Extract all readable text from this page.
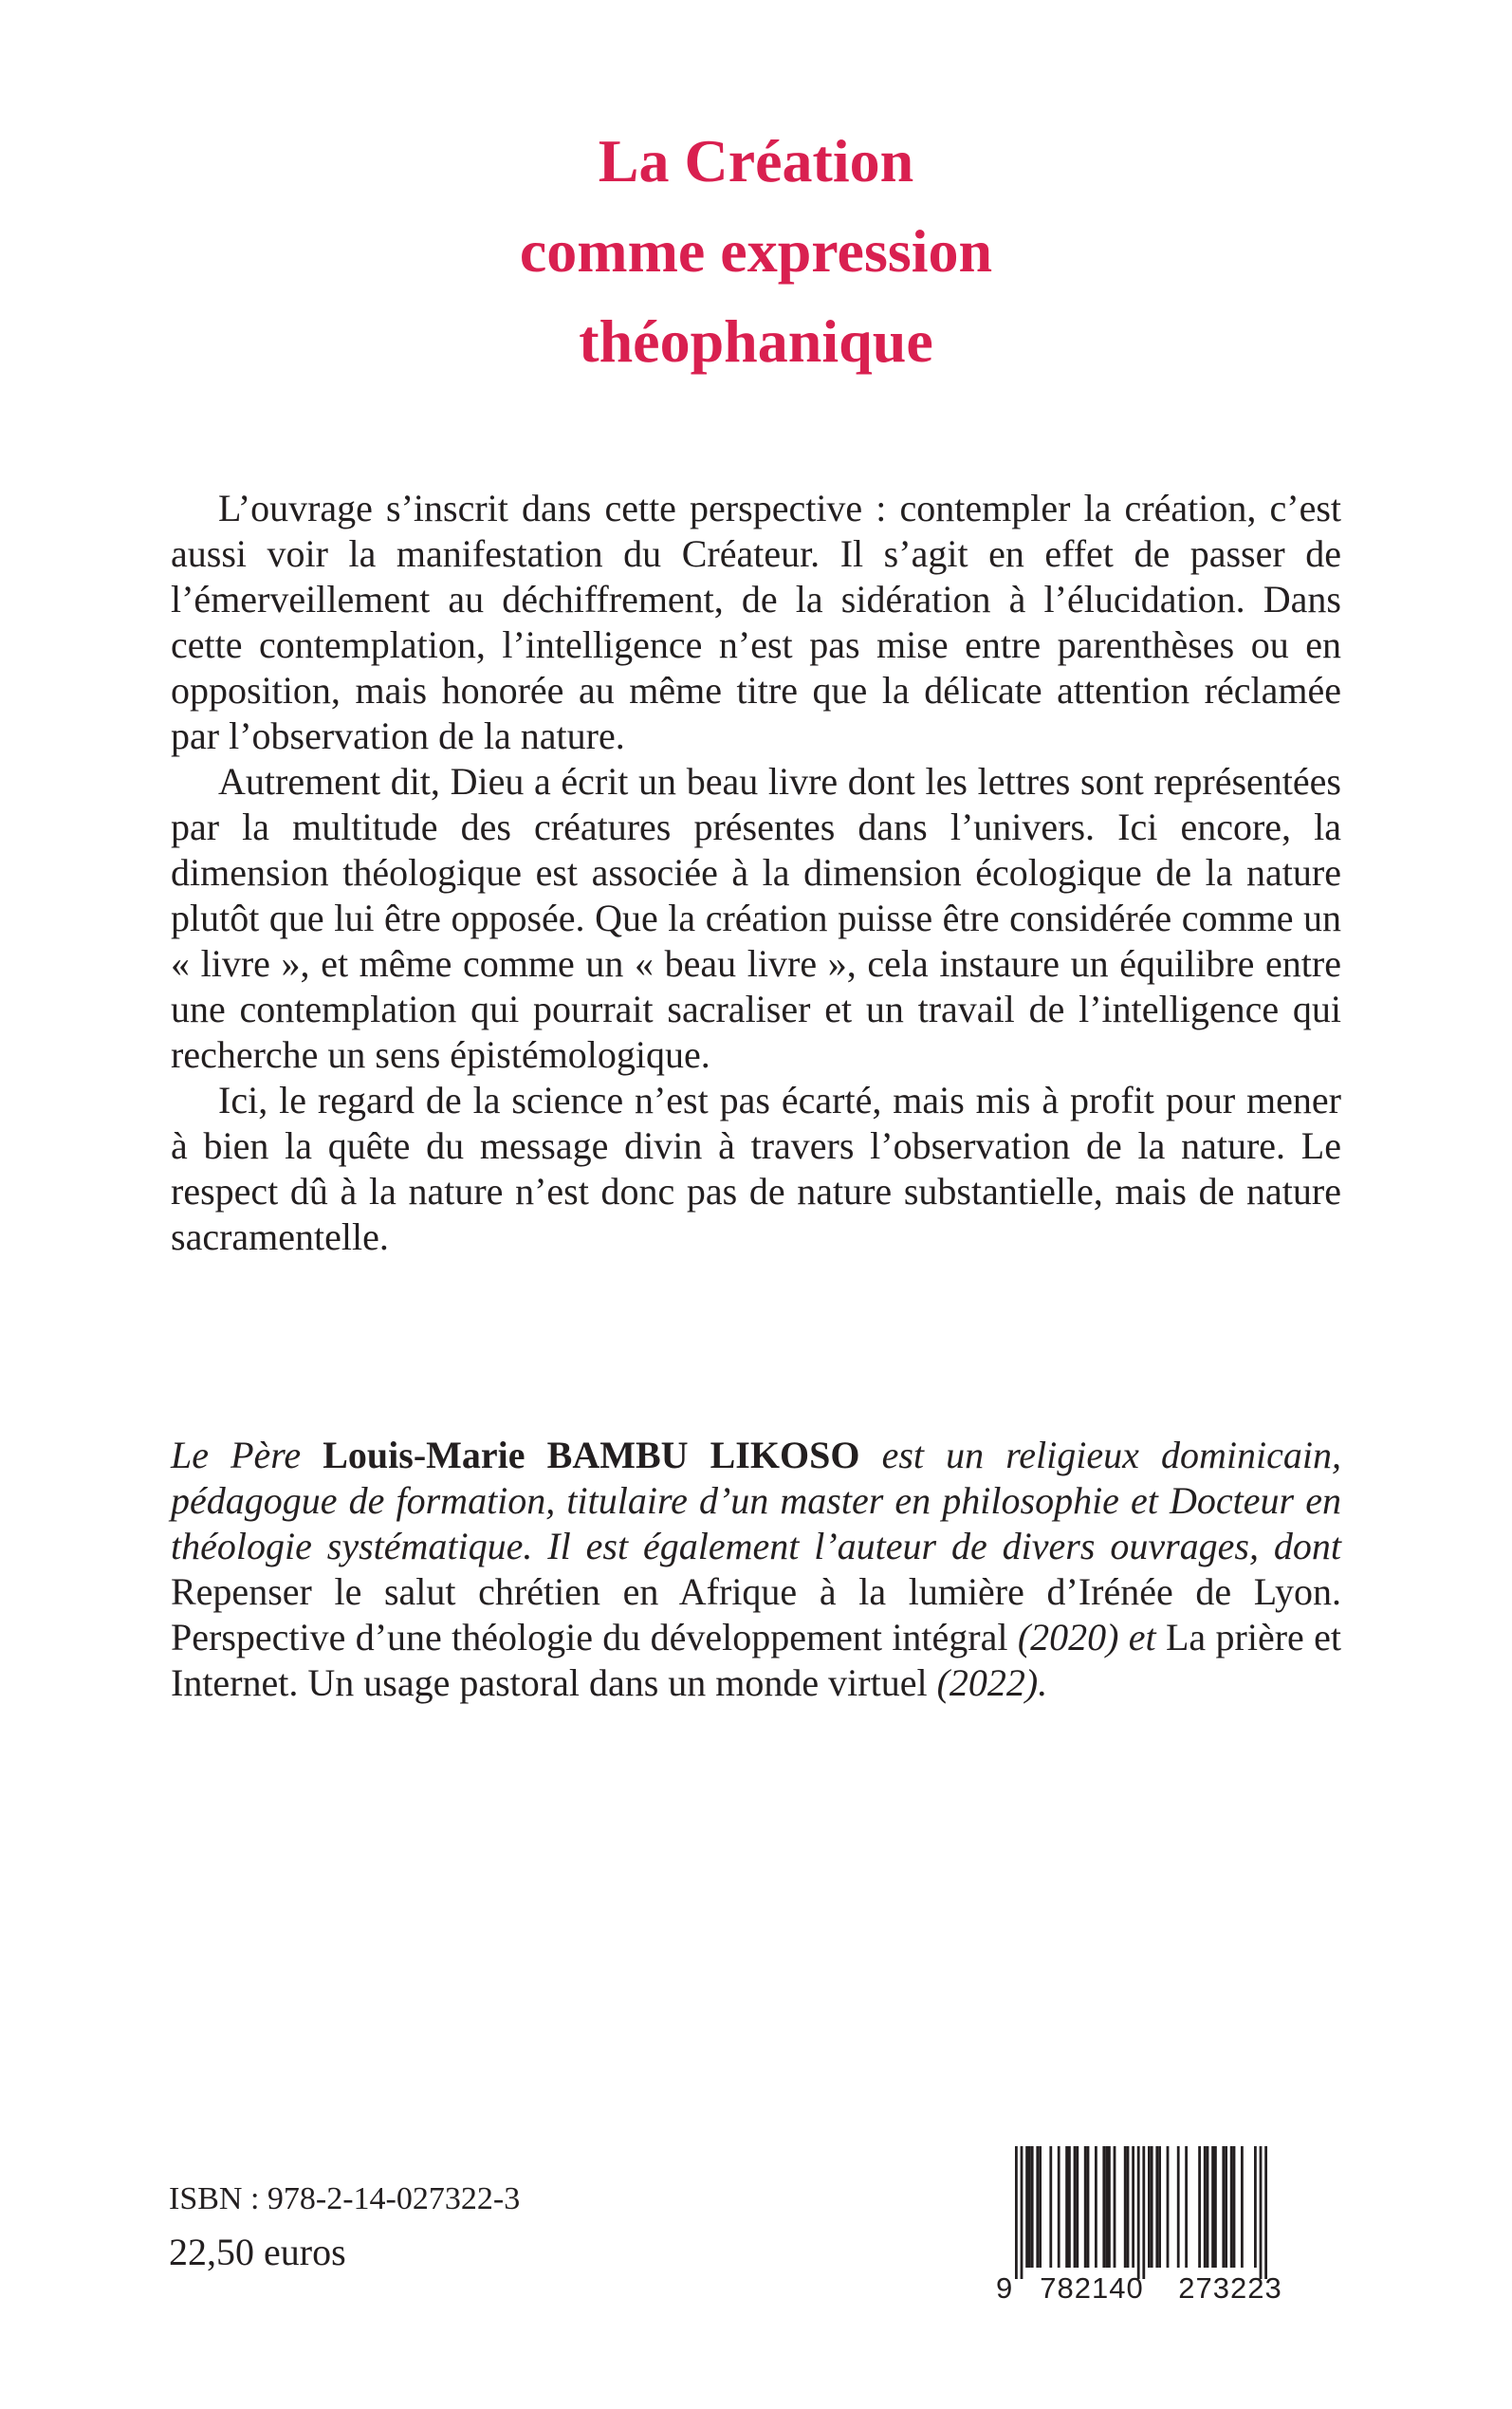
La Création
comme expression
théophanique

L’ouvrage s’inscrit dans cette perspective : contempler la création, c’est aussi voir la manifestation du Créateur. Il s’agit en effet de passer de l’émerveillement au déchiffrement, de la sidération à l’élucidation. Dans cette contemplation, l’intelligence n’est pas mise entre parenthèses ou en opposition, mais honorée au même titre que la délicate attention réclamée par l’observation de la nature.

Autrement dit, Dieu a écrit un beau livre dont les lettres sont représentées par la multitude des créatures présentes dans l’univers. Ici encore, la dimension théologique est associée à la dimension écologique de la nature plutôt que lui être opposée. Que la création puisse être considérée comme un « livre », et même comme un « beau livre », cela instaure un équilibre entre une contemplation qui pourrait sacraliser et un travail de l’intelligence qui recherche un sens épistémologique.

Ici, le regard de la science n’est pas écarté, mais mis à profit pour mener à bien la quête du message divin à travers l’observation de la nature. Le respect dû à la nature n’est donc pas de nature substantielle, mais de nature sacramentelle.

Le Père Louis-Marie BAMBU LIKOSO est un religieux dominicain, pédagogue de formation, titulaire d’un master en philosophie et Docteur en théologie systématique. Il est également l’auteur de divers ouvrages, dont Repenser le salut chrétien en Afrique à la lumière d’Irénée de Lyon. Perspective d’une théologie du développement intégral (2020) et La prière et Internet. Un usage pastoral dans un monde virtuel (2022).

ISBN : 978-2-14-027322-3
22,50 euros
9 782140	273223
